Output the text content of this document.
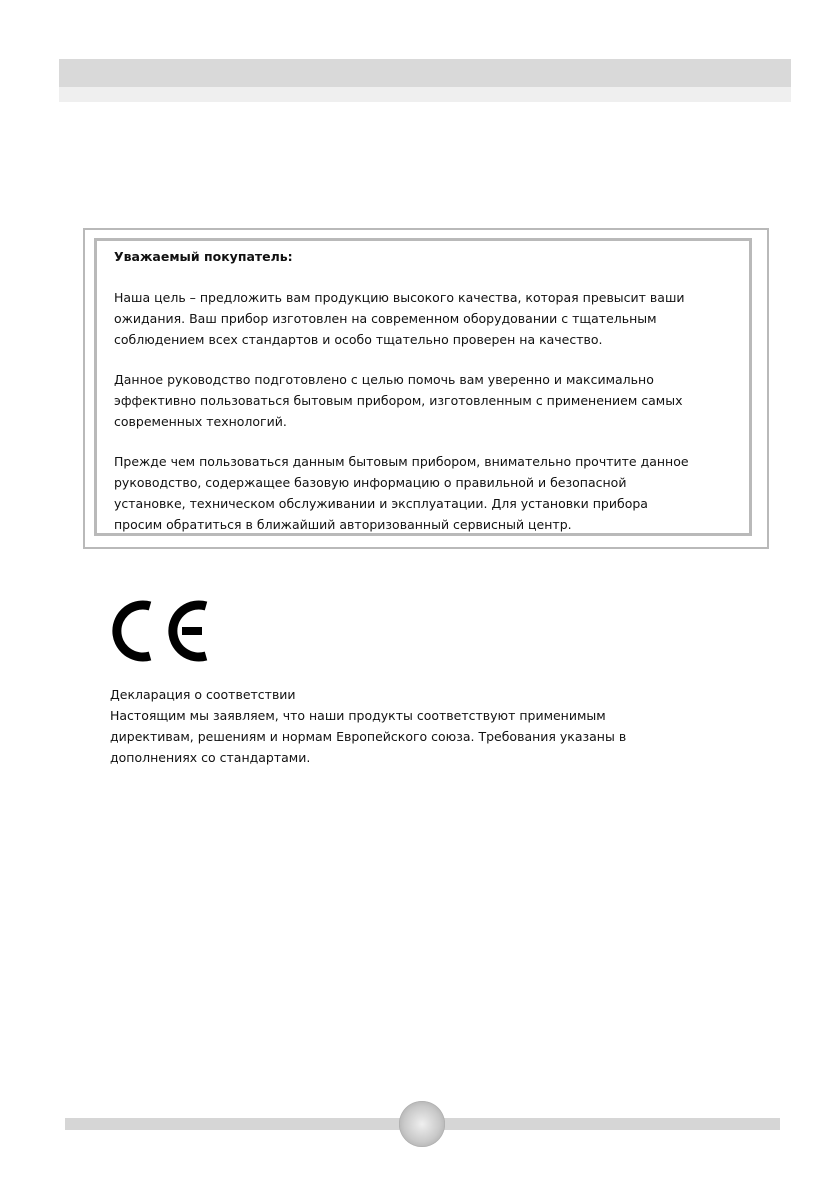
Уважаемый покупатель:

Наша цель – предложить вам продукцию высокого качества, которая превысит ваши
ожидания. Ваш прибор изготовлен на современном оборудовании с тщательным
соблюдением всех стандартов и особо тщательно проверен на качество.

Данное руководство подготовлено с целью помочь вам уверенно и максимально
эффективно пользоваться бытовым прибором, изготовленным с применением самых
современных технологий.

Прежде чем пользоваться данным бытовым прибором, внимательно прочтите данное
руководство, содержащее базовую информацию о правильной и безопасной
установке, техническом обслуживании и эксплуатации. Для установки прибора
просим обратиться в ближайший авторизованный сервисный центр.

Декларация о соответствии

Настоящим мы заявляем, что наши продукты соответствуют применимым
директивам, решениям и нормам Европейского союза. Требования указаны в
дополнениях со стандартами.
